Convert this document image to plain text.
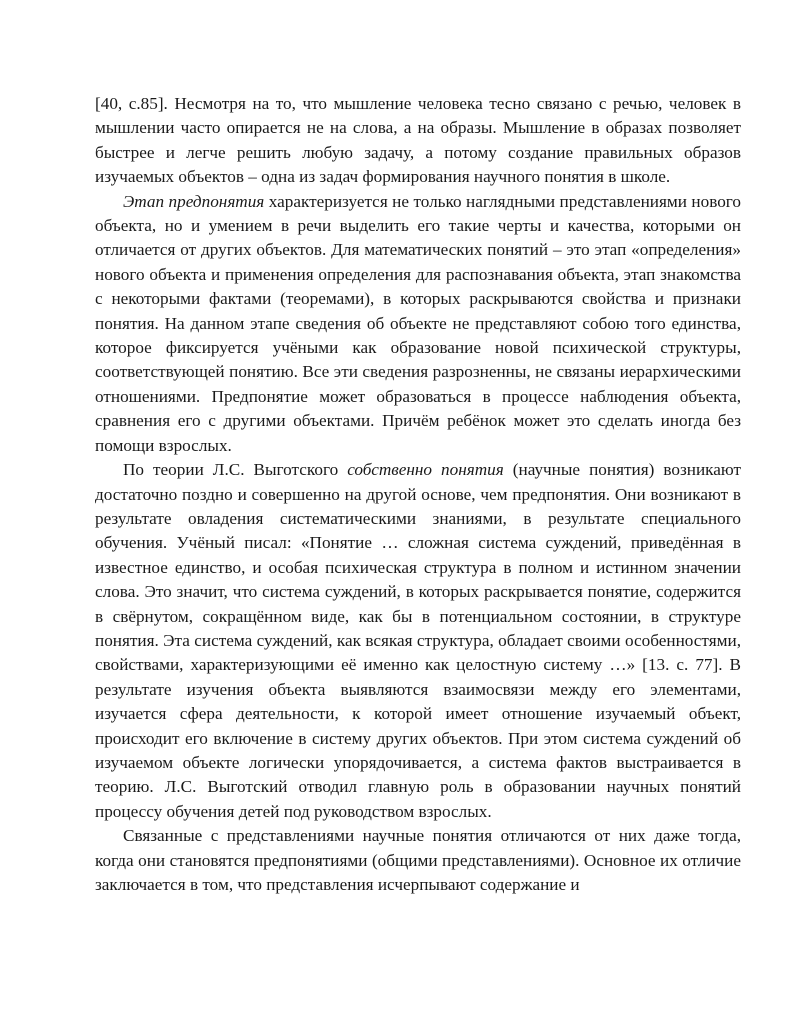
[40, с.85]. Несмотря на то, что мышление человека тесно связано с речью, человек в мышлении часто опирается не на слова, а на образы. Мышление в образах позволяет быстрее и легче решить любую задачу, а потому создание правильных образов изучаемых объектов – одна из задач формирования научного понятия в школе.

Этап предпонятия характеризуется не только наглядными представлениями нового объекта, но и умением в речи выделить его такие черты и качества, которыми он отличается от других объектов. Для математических понятий – это этап «определения» нового объекта и применения определения для распознавания объекта, этап знакомства с некоторыми фактами (теоремами), в которых раскрываются свойства и признаки понятия. На данном этапе сведения об объекте не представляют собою того единства, которое фиксируется учёными как образование новой психической структуры, соответствующей понятию. Все эти сведения разрозненны, не связаны иерархическими отношениями. Предпонятие может образоваться в процессе наблюдения объекта, сравнения его с другими объектами. Причём ребёнок может это сделать иногда без помощи взрослых.

По теории Л.С. Выготского собственно понятия (научные понятия) возникают достаточно поздно и совершенно на другой основе, чем предпонятия. Они возникают в результате овладения систематическими знаниями, в результате специального обучения. Учёный писал: «Понятие … сложная система суждений, приведённая в известное единство, и особая психическая структура в полном и истинном значении слова. Это значит, что система суждений, в которых раскрывается понятие, содержится в свёрнутом, сокращённом виде, как бы в потенциальном состоянии, в структуре понятия. Эта система суждений, как всякая структура, обладает своими особенностями, свойствами, характеризующими её именно как целостную систему …» [13. с. 77]. В результате изучения объекта выявляются взаимосвязи между его элементами, изучается сфера деятельности, к которой имеет отношение изучаемый объект, происходит его включение в систему других объектов. При этом система суждений об изучаемом объекте логически упорядочивается, а система фактов выстраивается в теорию. Л.С. Выготский отводил главную роль в образовании научных понятий процессу обучения детей под руководством взрослых.

Связанные с представлениями научные понятия отличаются от них даже тогда, когда они становятся предпонятиями (общими представлениями). Основное их отличие заключается в том, что представления исчерпывают содержание и
